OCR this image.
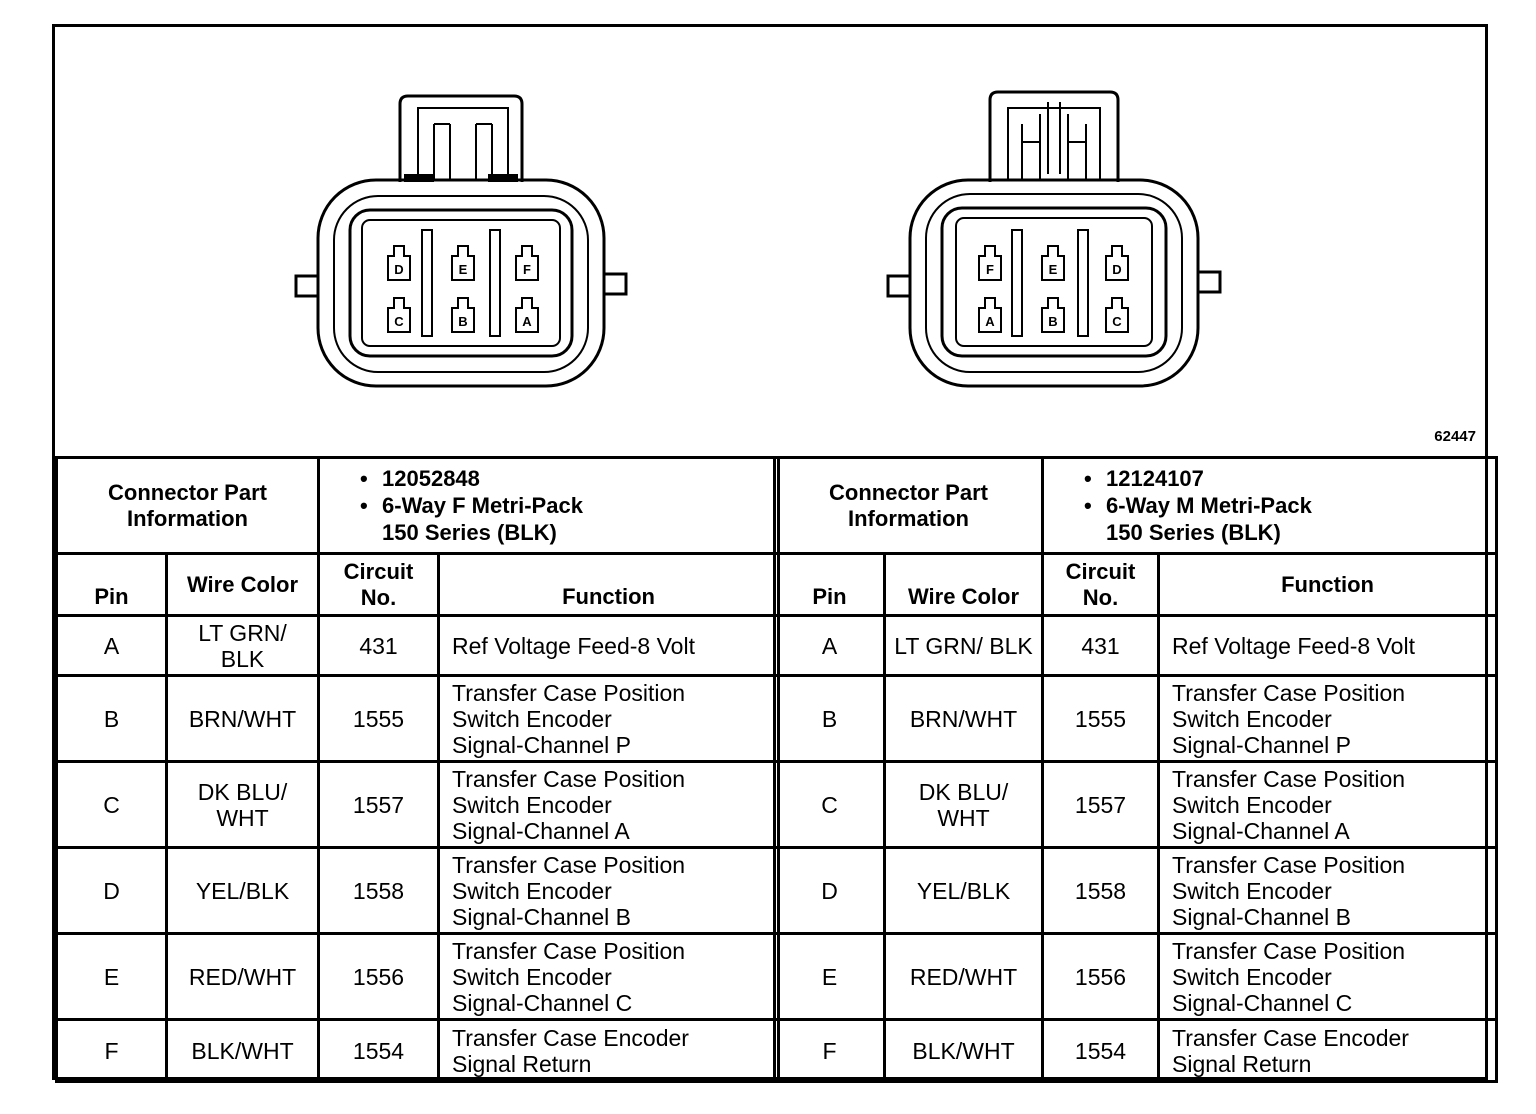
D	E	F
C	B	A
F	E	D
A	B	C
62447
Connector Part Information		• 12052848
• 6-Way F Metri-Pack
150 Series (BLK)

Pin	Wire Color	Circuit No.	Function
A	LT GRN/ BLK	431	Ref Voltage Feed-8 Volt

B	BRN/WHT	1555	Transfer Case Position
Switch Encoder
Signal-Channel P

C	DK BLU/ WHT	1557	Transfer Case Position
Switch Encoder
Signal-Channel A

D	YEL/BLK	1558	Transfer Case Position
Switch Encoder
Signal-Channel B

E	RED/WHT	1556	Transfer Case Position
Switch Encoder
Signal-Channel C

F	BLK/WHT	1554	Transfer Case Encoder
Signal Return
Connector Part Information		• 12124107
• 6-Way M Metri-Pack
150 Series (BLK)

Pin	Wire Color	Circuit No.	Function
A	LT GRN/ BLK	431	Ref Voltage Feed-8 Volt

B	BRN/WHT	1555	Transfer Case Position
Switch Encoder
Signal-Channel P

C	DK BLU/ WHT	1557	Transfer Case Position
Switch Encoder
Signal-Channel A

D	YEL/BLK	1558	Transfer Case Position
Switch Encoder
Signal-Channel B

E	RED/WHT	1556	Transfer Case Position
Switch Encoder
Signal-Channel C

F	BLK/WHT	1554	Transfer Case Encoder
Signal Return
